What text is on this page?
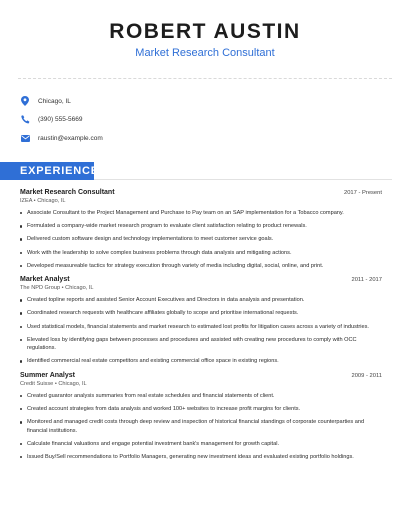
ROBERT AUSTIN
Market Research Consultant
Chicago, IL
(390) 555-5669
raustin@example.com
EXPERIENCE
Market Research Consultant	2017 - Present
IZEA • Chicago, IL
Associate Consultant to the Project Management and Purchase to Pay team on an SAP implementation for a Tobacco company.
Formulated a company-wide market research program to evaluate client satisfaction relating to product renewals.
Delivered custom software design and technology implementations to meet customer service goals.
Work with the leadership to solve complex business problems through data analysis and mitigating actions.
Developed measureable tactics for strategy execution through variety of media including digital, social, online, and print.
Market Analyst	2011 - 2017
The NPD Group • Chicago, IL
Created topline reports and assisted Senior Account Executives and Directors in data analysis and presentation.
Coordinated research requests with healthcare affiliates globally to scope and prioritise international requests.
Used statistical models, financial statements and market research to estimated lost profits for litigation cases across a variety of industries.
Elevated loss by identifying gaps between processes and procedures and assisted with creating new procedures to comply with OCC regulations.
Identified commercial real estate competitors and existing commercial office space in existing regions.
Summer Analyst	2009 - 2011
Credit Suisse • Chicago, IL
Created guarantor analysis summaries from real estate schedules and financial statements of client.
Created account strategies from data analysis and worked 100+ websites to increase profit margins for clients.
Monitored and managed credit costs through deep review and inspection of historical financial standings of corporate counterparties and financial institutions.
Calculate financial valuations and engage potential investment bank's management for growth capital.
Issued Buy/Sell recommendations to Portfolio Managers, generating new investment ideas and evaluated existing portfolio holdings.
